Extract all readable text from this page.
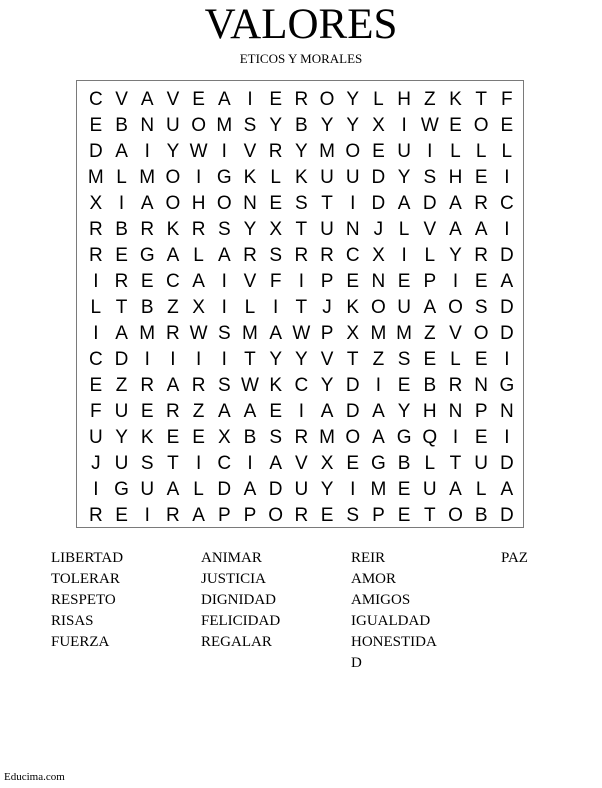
VALORES
ETICOS Y MORALES
C V A V E A I E R O Y L H Z K T F
E B N U O M S Y B Y Y X I W E O E
D A I Y W I V R Y M O E U I L L L
M L M O I G K L K U U D Y S H E I
X I A O H O N E S T I D A D A R C
R B R K R S Y X T U N J L V A A I
R E G A L A R S R R C X I L Y R D
I R E C A I V F I P E N E P I E A
L T B Z X I L I T J K O U A O S D
I A M R W S M A W P X M M Z V O D
C D I	I	I	I T Y Y V T Z S E L E I
E Z R A R S W K C Y D I E B R N G
F U E R Z A A E I A D A Y H N P N
U Y K E E X B S R M O A G Q I E I
J U S T I C I A V X E G B L T U D
I G U A L D A D U Y I M E U A L A
R E I R A P P O R E S P E T O B D
LIBERTAD
TOLERAR
RESPETO
RISAS
FUERZA
ANIMAR
JUSTICIA
DIGNIDAD
FELICIDAD
REGALAR
REIR
AMOR
AMIGOS
IGUALDAD
HONESTIDAD
PAZ
Educima.com
